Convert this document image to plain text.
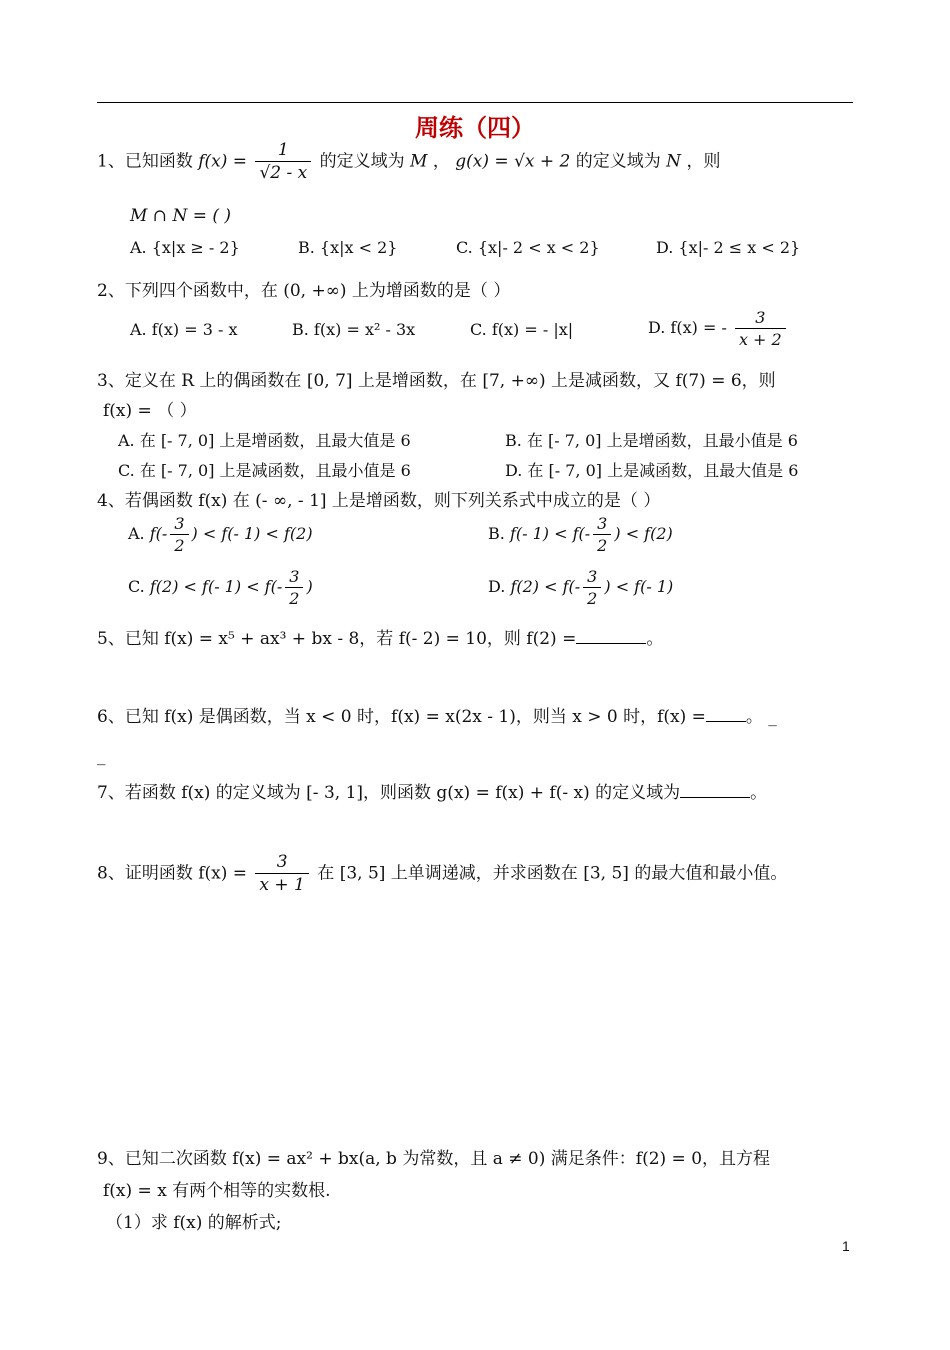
周练（四）
1、已知函数 $f(x) = \frac{1}{√2 - x}$ 的定义域为 M ， g(x) = √x + 2 的定义域为 N ，则
M ∩ N = ( )
A. {x|x ≥ - 2}	B. {x|x < 2}	C. {x|- 2 < x < 2}	D. {x|- 2 ≤ x < 2}
2、下列四个函数中，在 (0, +∞) 上为增函数的是（ ）
A. f(x) = 3 - x	B. f(x) = x² - 3x	C. f(x) = - |x|	D. f(x) = - $\frac{3}{x + 2}$
3、定义在 R 上的偶函数在 [0, 7] 上是增函数，在 [7, +∞) 上是减函数，又 f(7) = 6，则
f(x) = （ ）
A. 在 [- 7, 0] 上是增函数，且最大值是 6	B. 在 [- 7, 0] 上是增函数，且最小值是 6
C. 在 [- 7, 0] 上是减函数，且最小值是 6	D. 在 [- 7, 0] 上是减函数，且最大值是 6
4、若偶函数 f(x) 在 (- ∞, - 1] 上是增函数，则下列关系式中成立的是（ ）
A. $f(- \frac{3}{2}$ ) < f(- 1) < f(2)	B. f(- $1) < f(- \frac{3}{2}$ ) < f(2)
C. f(2) < f(- $1) < f(- \frac{3}{2}$ )	D. $f(2) < f(- \frac{3}{2}$ ) < f(- 1)
5、已知 f(x) = x⁵ + ax³ + bx - 8，若 f(- 2) = 10，则 f(2) =	。
6、已知 f(x) 是偶函数，当 x < 0 时，f(x) = x(2x - 1)，则当 x > 0 时，f(x) = 。 _
_
7、若函数 f(x) 的定义域为 [- 3, 1]，则函数 g(x) = f(x) + f(- x) 的定义域为	。
8、证明函数 $f(x) = \frac{3}{x + 1}$ 在 [3, 5] 上单调递减，并求函数在 [3, 5] 的最大值和最小值。
9、已知二次函数 f(x) = ax² + bx(a, b 为常数，且 a ≠ 0) 满足条件：f(2) = 0，且方程
f(x) = x 有两个相等的实数根.
（1）求 f(x) 的解析式;
1
